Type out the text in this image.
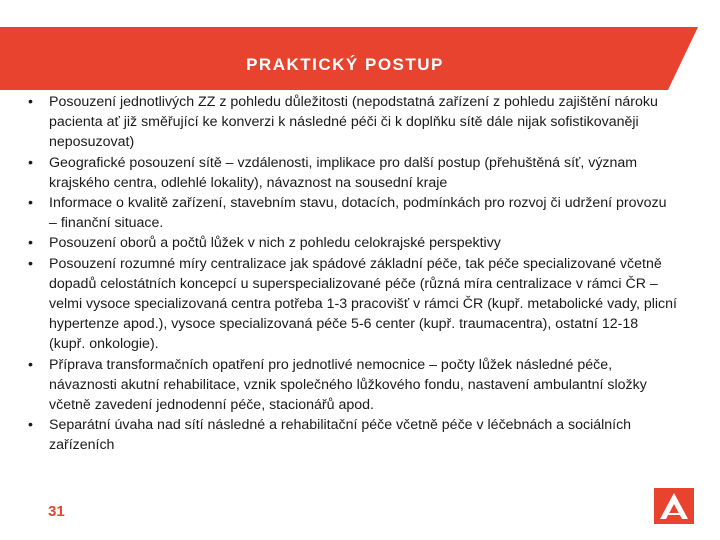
PRAKTICKÝ POSTUP
• Posouzení jednotlivých ZZ z pohledu důležitosti (nepodstatná zařízení z pohledu zajištění nároku pacienta ať již směřující ke konverzi k následné péči či k doplňku sítě dále nijak sofistikovaněji neposuzovat)
• Geografické posouzení sítě – vzdálenosti, implikace pro další postup (přehuštěná síť, význam krajského centra, odlehlé lokality), návaznost na sousední kraje
• Informace o kvalitě zařízení, stavebním stavu, dotacích, podmínkách pro rozvoj či udržení provozu – finanční situace.
• Posouzení oborů a počtů lůžek v nich z pohledu celokrajské perspektivy
• Posouzení rozumné míry centralizace jak spádové základní péče, tak péče specializované včetně dopadů celostátních koncepcí u superspecializované péče (různá míra centralizace v rámci ČR – velmi vysoce specializovaná centra potřeba 1-3 pracovišť v rámci ČR (kupř. metabolické vady, plicní hypertenze apod.), vysoce specializovaná péče 5-6 center (kupř. traumacentra), ostatní 12-18 (kupř. onkologie).
• Příprava transformačních opatření pro jednotlivé nemocnice – počty lůžek následné péče, návaznosti akutní rehabilitace, vznik společného lůžkového fondu, nastavení ambulantní složky včetně zavedení jednodenní péče, stacionářů apod.
• Separátní úvaha nad sítí následné a rehabilitační péče včetně péče v léčebnách a sociálních zařízeních
31
